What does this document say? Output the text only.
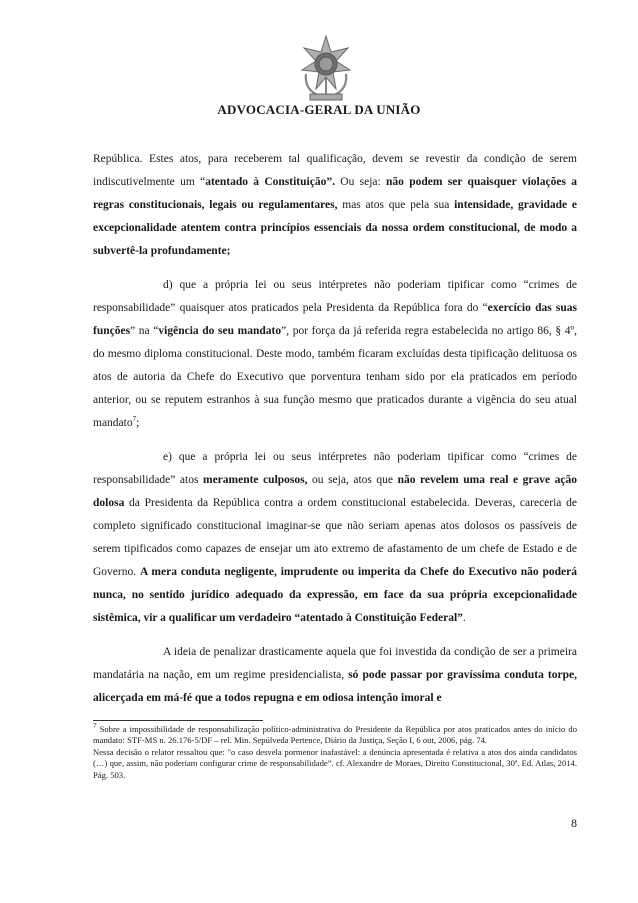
ADVOCACIA-GERAL DA UNIÃO

República. Estes atos, para receberem tal qualificação, devem se revestir da condição de serem indiscutivelmente um “atentado à Constituição”. Ou seja: não podem ser quaisquer violações a regras constitucionais, legais ou regulamentares, mas atos que pela sua intensidade, gravidade e excepcionalidade atentem contra princípios essenciais da nossa ordem constitucional, de modo a subvertê-la profundamente;

d) que a própria lei ou seus intérpretes não poderiam tipificar como “crimes de responsabilidade” quaisquer atos praticados pela Presidenta da República fora do “exercício das suas funções” na “vigência do seu mandato”, por força da já referida regra estabelecida no artigo 86, § 4º, do mesmo diploma constitucional. Deste modo, também ficaram excluídas desta tipificação delituosa os atos de autoria da Chefe do Executivo que porventura tenham sido por ela praticados em período anterior, ou se reputem estranhos à sua função mesmo que praticados durante a vigência do seu atual mandato$^7$;

e) que a própria lei ou seus intérpretes não poderiam tipificar como “crimes de responsabilidade” atos meramente culposos, ou seja, atos que não revelem uma real e grave ação dolosa da Presidenta da República contra a ordem constitucional estabelecida. Deveras, careceria de completo significado constitucional imaginar-se que não seriam apenas atos dolosos os passíveis de serem tipificados como capazes de ensejar um ato extremo de afastamento de um chefe de Estado e de Governo. A mera conduta negligente, imprudente ou imperita da Chefe do Executivo não poderá nunca, no sentido jurídico adequado da expressão, em face da sua própria excepcionalidade sistêmica, vir a qualificar um verdadeiro “atentado à Constituição Federal”.

A ideia de penalizar drasticamente aquela que foi investida da condição de ser a primeira mandatária na nação, em um regime presidencialista, só pode passar por gravíssima conduta torpe, alicerçada em má-fé que a todos repugna e em odiosa intenção imoral e

$^7$ Sobre a impossibilidade de responsabilização político-administrativa do Presidente da República por atos praticados antes do início do mandato: STF-MS n. 26.176-5/DF – rel. Min. Sepúlveda Pertence, Diário da Justiça, Seção I, 6 out, 2006, pág. 74.
Nessa decisão o relator ressaltou que: "o caso desvela pormenor inafastável: a denúncia apresentada é relativa a atos dos ainda candidatos (…) que, assim, não poderiam configurar crime de responsabilidade”. cf. Alexandre de Moraes, Direito Constitucional, 30ª. Ed. Atlas, 2014. Pág. 503.
8
